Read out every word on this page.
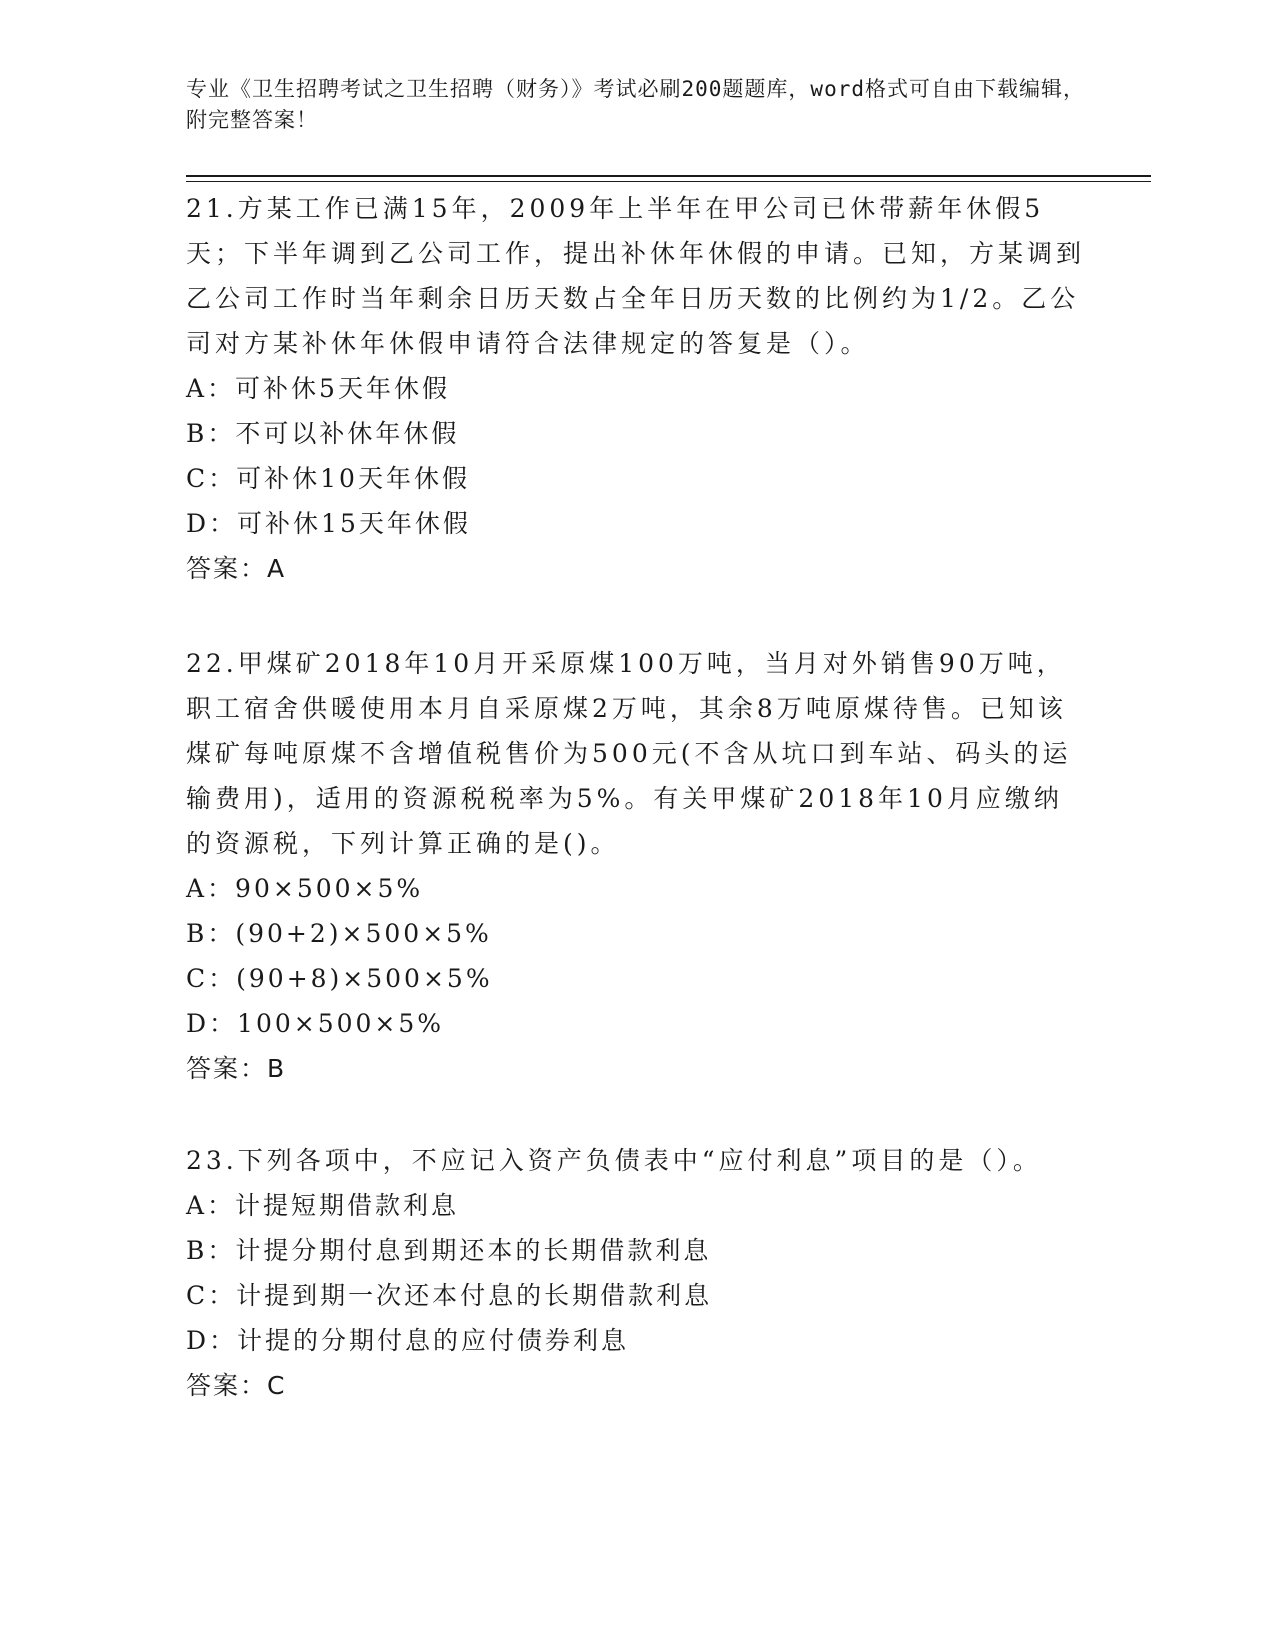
专业《卫生招聘考试之卫生招聘（财务）》考试必刷200题题库，word格式可自由下载编辑，附完整答案！

21.方某工作已满15年，2009年上半年在甲公司已休带薪年休假5天；下半年调到乙公司工作，提出补休年休假的申请。已知，方某调到乙公司工作时当年剩余日历天数占全年日历天数的比例约为1/2。乙公司对方某补休年休假申请符合法律规定的答复是（）。

A：可补休5天年休假

B：不可以补休年休假

C：可补休10天年休假

D：可补休15天年休假

答案：A

22.甲煤矿2018年10月开采原煤100万吨，当月对外销售90万吨，职工宿舍供暖使用本月自采原煤2万吨，其余8万吨原煤待售。已知该煤矿每吨原煤不含增值税售价为500元(不含从坑口到车站、码头的运输费用)，适用的资源税税率为5%。有关甲煤矿2018年10月应缴纳的资源税，下列计算正确的是()。

A：90×500×5%

B：(90+2)×500×5%

C：(90+8)×500×5%

D：100×500×5%

答案：B

23.下列各项中，不应记入资产负债表中“应付利息”项目的是（）。

A：计提短期借款利息

B：计提分期付息到期还本的长期借款利息

C：计提到期一次还本付息的长期借款利息

D：计提的分期付息的应付债券利息

答案：C
